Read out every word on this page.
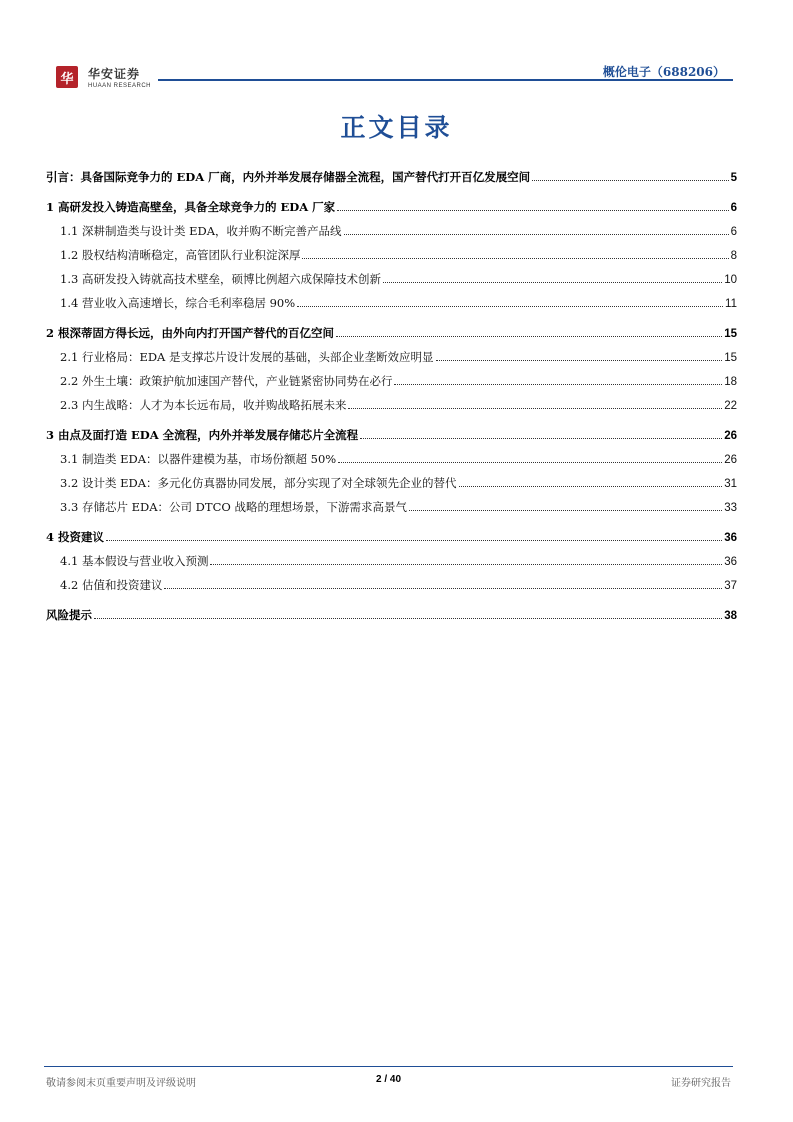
华	华安证券
HUAAN RESEARCH
概伦电子（688206）
正文目录
引言：具备国际竞争力的 EDA 厂商，内外并举发展存储器全流程，国产替代打开百亿发展空间	5
1 高研发投入铸造高壁垒，具备全球竞争力的 EDA 厂家	6
1.1 深耕制造类与设计类 EDA，收并购不断完善产品线	6
1.2 股权结构清晰稳定，高管团队行业积淀深厚	8
1.3 高研发投入铸就高技术壁垒，硕博比例超六成保障技术创新	10
1.4 营业收入高速增长，综合毛利率稳居 90%	11
2 根深蒂固方得长远，由外向内打开国产替代的百亿空间	15
2.1 行业格局：EDA 是支撑芯片设计发展的基础，头部企业垄断效应明显	15
2.2 外生土壤：政策护航加速国产替代，产业链紧密协同势在必行	18
2.3 内生战略：人才为本长远布局，收并购战略拓展未来	22
3 由点及面打造 EDA 全流程，内外并举发展存储芯片全流程	26
3.1 制造类 EDA：以器件建模为基，市场份额超 50%	26
3.2 设计类 EDA：多元化仿真器协同发展，部分实现了对全球领先企业的替代	31
3.3 存储芯片 EDA：公司 DTCO 战略的理想场景，下游需求高景气	33
4 投资建议	36
4.1 基本假设与营业收入预测	36
4.2 估值和投资建议	37
风险提示	38
敬请参阅末页重要声明及评级说明	2 / 40	证券研究报告
